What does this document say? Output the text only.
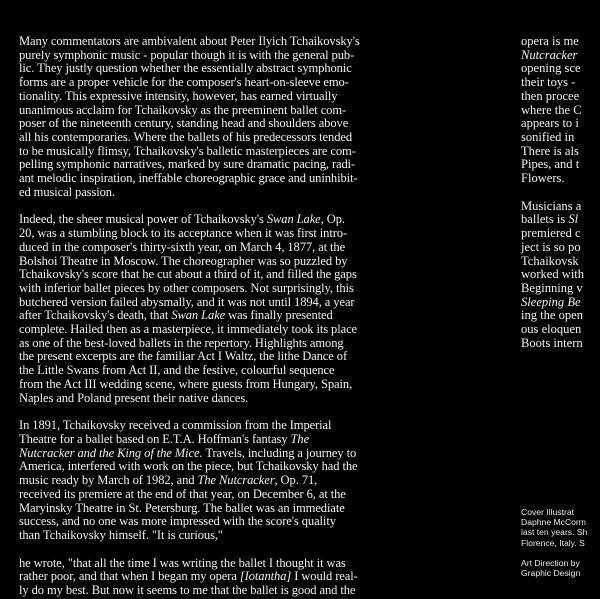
Many commentators are ambivalent about Peter Ilyich Tchaikovsky's
purely symphonic music - popular though it is with the general pub-
lic. They justly question whether the essentially abstract symphonic
forms are a proper vehicle for the composer's heart-on-sleeve emo-
tionality. This expressive intensity, however, has earned virtually
unanimous acclaim for Tchaikovsky as the preeminent ballet com-
poser of the nineteenth century, standing head and shoulders above
all his contemporaries. Where the ballets of his predecessors tended
to be musically flimsy, Tchaikovsky's balletic masterpieces are com-
pelling symphonic narratives, marked by sure dramatic pacing, radi-
ant melodic inspiration, ineffable choreographic grace and uninhibit-
ed musical passion.

Indeed, the sheer musical power of Tchaikovsky's Swan Lake, Op.
20, was a stumbling block to its acceptance when it was first intro-
duced in the composer's thirty-sixth year, on March 4, 1877, at the
Bolshoi Theatre in Moscow. The choreographer was so puzzled by
Tchaikovsky's score that he cut about a third of it, and filled the gaps
with inferior ballet pieces by other composers. Not surprisingly, this
butchered version failed abysmally, and it was not until 1894, a year
after Tchaikovsky's death, that Swan Lake was finally presented
complete. Hailed then as a masterpiece, it immediately took its place
as one of the best-loved ballets in the repertory. Highlights among
the present excerpts are the familiar Act I Waltz, the lithe Dance of
the Little Swans from Act II, and the festive, colourful sequence
from the Act III wedding scene, where guests from Hungary, Spain,
Naples and Poland present their native dances.

In 1891, Tchaikovsky received a commission from the Imperial
Theatre for a ballet based on E.T.A. Hoffman's fantasy The
Nutcracker and the King of the Mice. Travels, including a journey to
America, interfered with work on the piece, but Tchaikovsky had the
music ready by March of 1982, and The Nutcracker, Op. 71,
received its premiere at the end of that year, on December 6, at the
Maryinsky Theatre in St. Petersburg. The ballet was an immediate
success, and no one was more impressed with the score's quality
than Tchaikovsky himself. "It is curious,"

he wrote, "that all the time I was writing the ballet I thought it was
rather poor, and that when I began my opera [Iotantha] I would real-
ly do my best. But now it seems to me that the ballet is good and the

opera is me
Nutcracker
opening sce
their toys -
then procee
where the C
appears to i
sonified in
There is als
Pipes, and t
Flowers.

Musicians a
ballets is Sl
premiered c
ject is so po
Tchaikovsk
worked with
Beginning v
Sleeping Be
ing the open
ous eloquen
Boots intern

Cover Illustrat
Daphne McCorm
last ten years. Sh
Florence, Italy. S
Art Direction by
Graphic Design
